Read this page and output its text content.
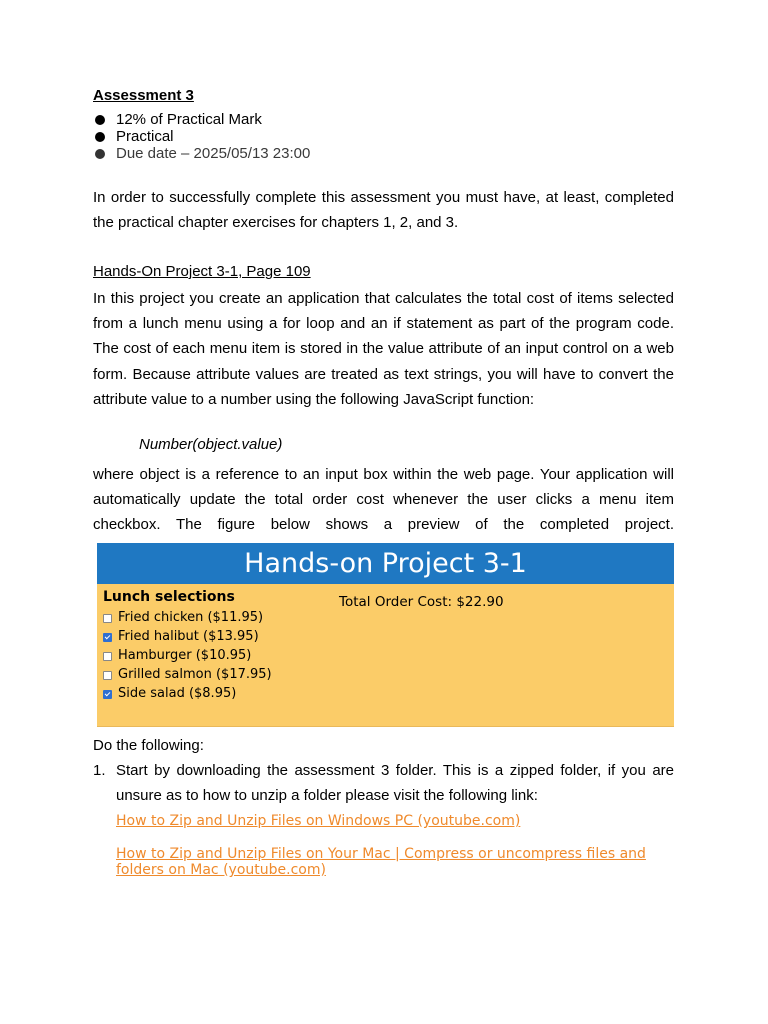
Assessment 3
12% of Practical Mark
Practical
Due date – 2025/05/13 23:00
In order to successfully complete this assessment you must have, at least, completed the practical chapter exercises for chapters 1, 2, and 3.
Hands-On Project 3-1, Page 109
In this project you create an application that calculates the total cost of items selected from a lunch menu using a for loop and an if statement as part of the program code. The cost of each menu item is stored in the value attribute of an input control on a web form. Because attribute values are treated as text strings, you will have to convert the attribute value to a number using the following JavaScript function:
Number(object.value)
where object is a reference to an input box within the web page. Your application will automatically update the total order cost whenever the user clicks a menu item checkbox. The figure below shows a preview of the completed project.
Hands-on Project 3-1
Lunch selections
Fried chicken ($11.95)
Fried halibut ($13.95)
Hamburger ($10.95)
Grilled salmon ($17.95)
Side salad ($8.95)
Total Order Cost: $22.90
Do the following:
1. Start by downloading the assessment 3 folder. This is a zipped folder, if you are unsure as to how to unzip a folder please visit the following link:
How to Zip and Unzip Files on Windows PC (youtube.com)
How to Zip and Unzip Files on Your Mac | Compress or uncompress files and folders on Mac (youtube.com)
